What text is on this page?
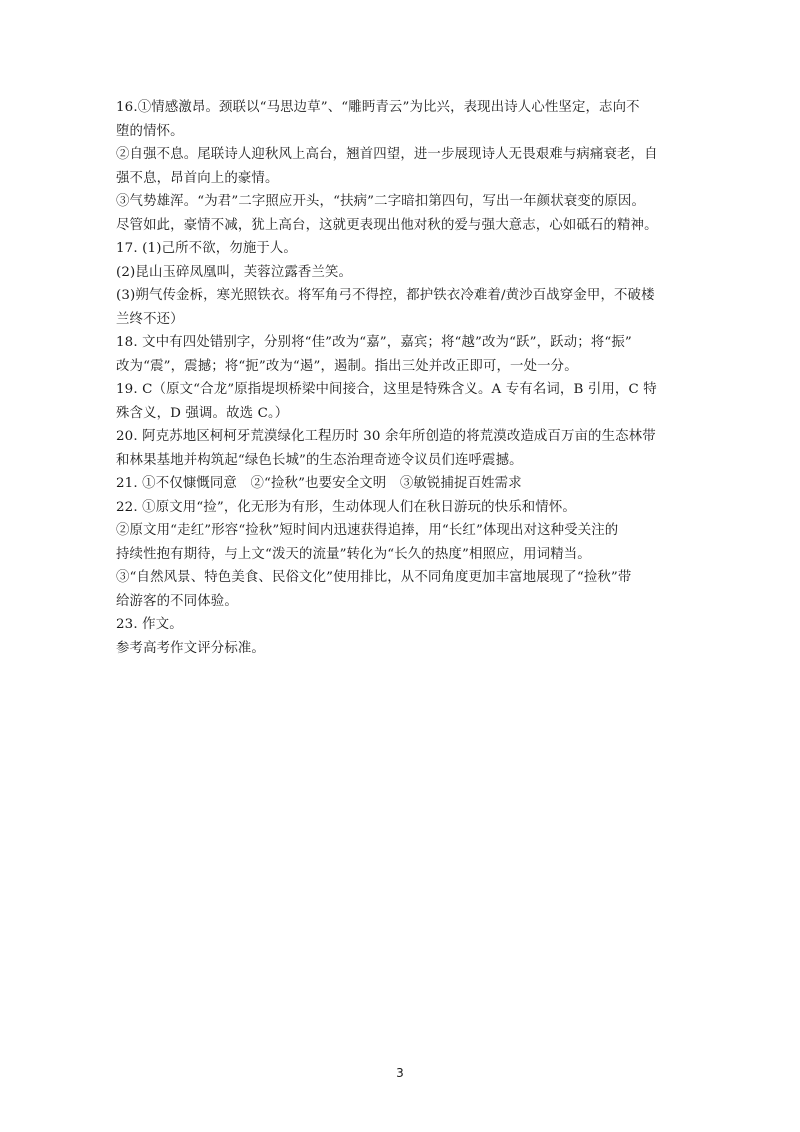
16.①情感激昂。颈联以“马思边草”、“雕眄青云”为比兴，表现出诗人心性坚定，志向不
堕的情怀。
②自强不息。尾联诗人迎秋风上高台，翘首四望，进一步展现诗人无畏艰难与病痛衰老，自
强不息，昂首向上的豪情。
③气势雄浑。“为君”二字照应开头，“扶病”二字暗扣第四句，写出一年颜状衰变的原因。
尽管如此，豪情不减，犹上高台，这就更表现出他对秋的爱与强大意志，心如砥石的精神。
17. (1)己所不欲，勿施于人。
(2)昆山玉碎凤凰叫，芙蓉泣露香兰笑。
(3)朔气传金柝，寒光照铁衣。将军角弓不得控，都护铁衣冷难着/黄沙百战穿金甲，不破楼
兰终不还）
18. 文中有四处错别字，分别将“佳”改为“嘉”，嘉宾；将“越”改为“跃”，跃动；将“振”
改为“震”，震撼；将“扼”改为“遏”，遏制。指出三处并改正即可，一处一分。
19. C（原文“合龙”原指堤坝桥梁中间接合，这里是特殊含义。A 专有名词，B 引用，C 特
殊含义，D 强调。故选 C。）
20. 阿克苏地区柯柯牙荒漠绿化工程历时 30 余年所创造的将荒漠改造成百万亩的生态林带
和林果基地并构筑起“绿色长城”的生态治理奇迹令议员们连呼震撼。
21. ①不仅慷慨同意　②“捡秋”也要安全文明　③敏锐捕捉百姓需求
22. ①原文用“捡”，化无形为有形，生动体现人们在秋日游玩的快乐和情怀。
②原文用“走红”形容“捡秋”短时间内迅速获得追捧，用“长红”体现出对这种受关注的
持续性抱有期待，与上文“泼天的流量”转化为“长久的热度”相照应，用词精当。
③“自然风景、特色美食、民俗文化”使用排比，从不同角度更加丰富地展现了“捡秋”带
给游客的不同体验。
23. 作文。
参考高考作文评分标准。
3
